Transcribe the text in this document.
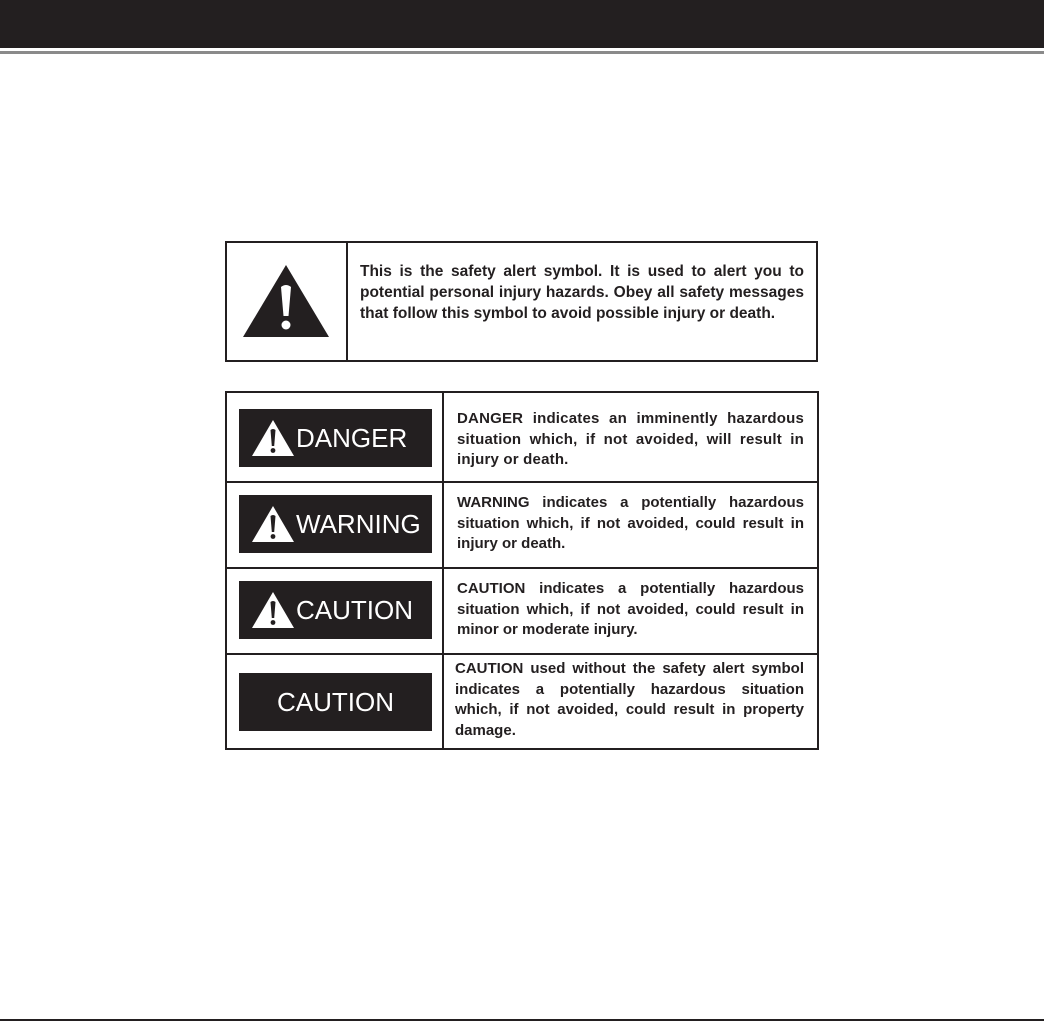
This is the safety alert symbol. It is used to alert you to potential personal injury hazards. Obey all safety messages that follow this symbol to avoid possible injury or death.
DANGER
DANGER indicates an imminently hazardous situation which, if not avoided, will result in injury or death.
WARNING
WARNING indicates a potentially hazardous situation which, if not avoided, could result in injury or death.
CAUTION
CAUTION indicates a potentially hazardous situation which, if not avoided, could result in minor or moderate injury.
CAUTION
CAUTION used without the safety alert symbol indicates a potentially hazardous situation which, if not avoided, could result in property damage.
